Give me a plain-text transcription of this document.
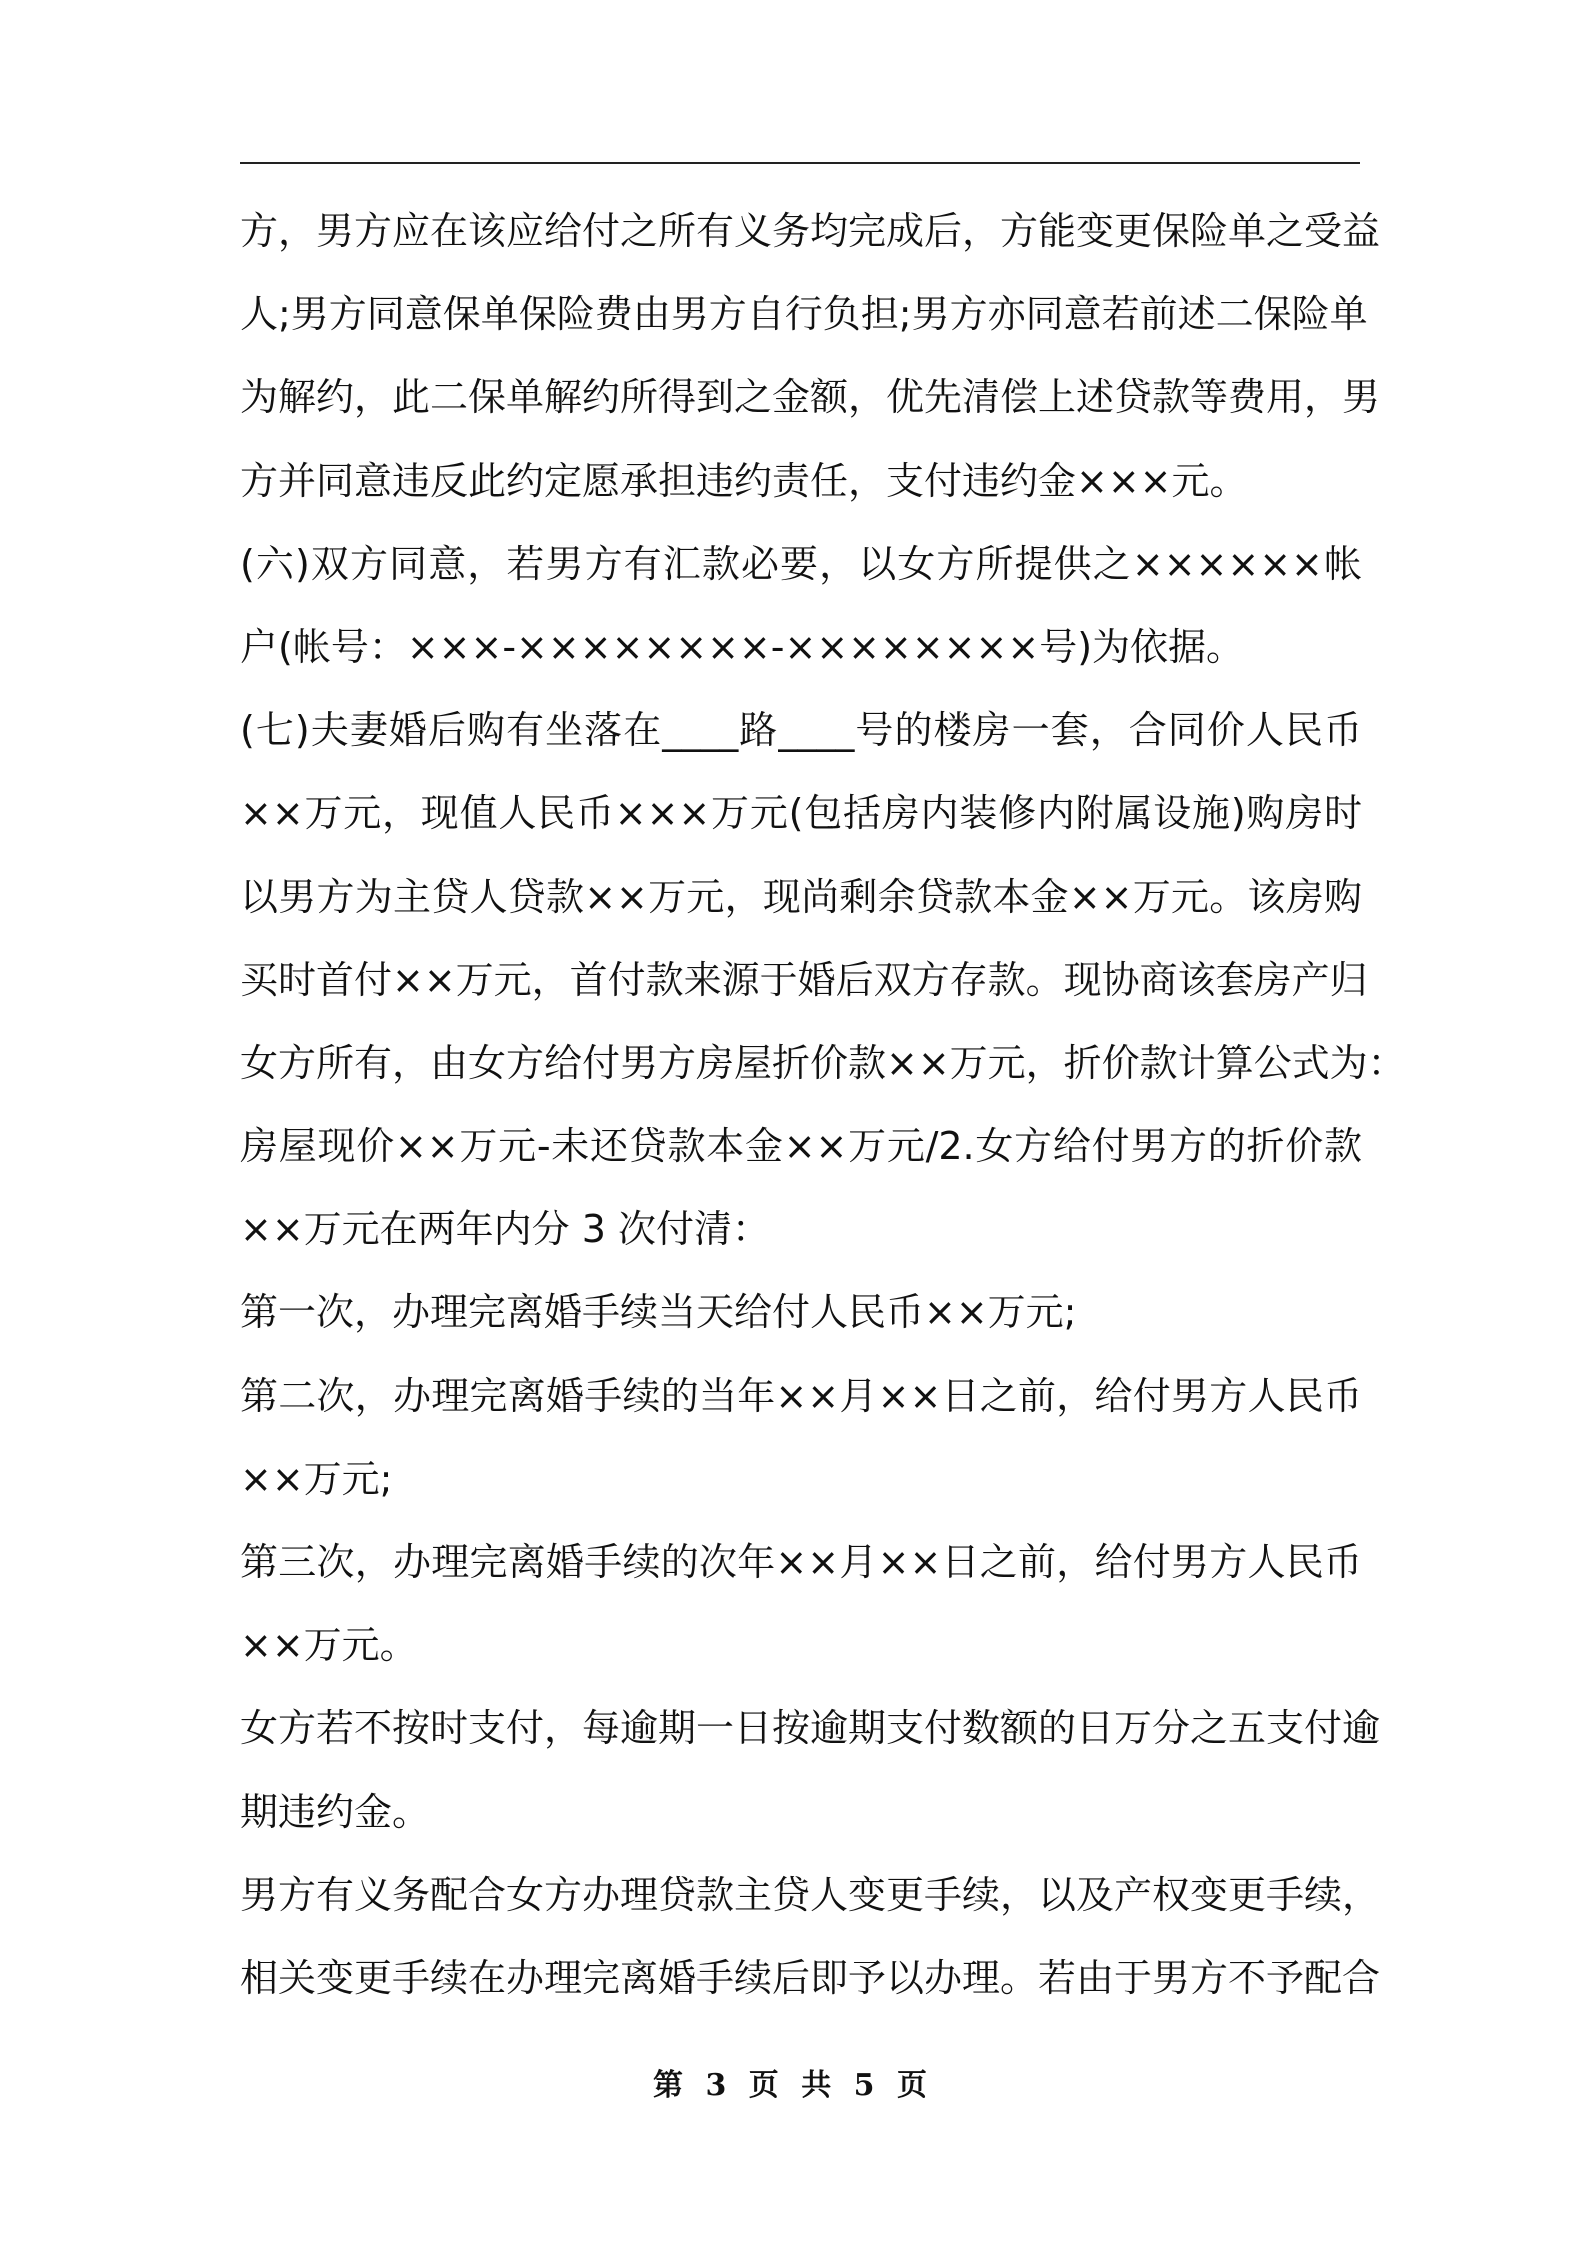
方，男方应在该应给付之所有义务均完成后，方能变更保险单之受益
人;男方同意保单保险费由男方自行负担;男方亦同意若前述二保险单
为解约，此二保单解约所得到之金额，优先清偿上述贷款等费用，男
方并同意违反此约定愿承担违约责任，支付违约金×××元。
(六)双方同意，若男方有汇款必要，以女方所提供之××××××帐
户(帐号：×××-××××××××-××××××××号)为依据。
(七)夫妻婚后购有坐落在____路____号的楼房一套，合同价人民币
××万元，现值人民币×××万元(包括房内装修内附属设施)购房时
以男方为主贷人贷款××万元，现尚剩余贷款本金××万元。该房购
买时首付××万元，首付款来源于婚后双方存款。现协商该套房产归
女方所有，由女方给付男方房屋折价款××万元，折价款计算公式为：
房屋现价××万元-未还贷款本金××万元/2.女方给付男方的折价款
××万元在两年内分 3 次付清：
第一次，办理完离婚手续当天给付人民币××万元;
第二次，办理完离婚手续的当年××月××日之前，给付男方人民币
××万元;
第三次，办理完离婚手续的次年××月××日之前，给付男方人民币
××万元。
女方若不按时支付，每逾期一日按逾期支付数额的日万分之五支付逾
期违约金。
男方有义务配合女方办理贷款主贷人变更手续，以及产权变更手续，
相关变更手续在办理完离婚手续后即予以办理。若由于男方不予配合
第 3 页 共 5 页
